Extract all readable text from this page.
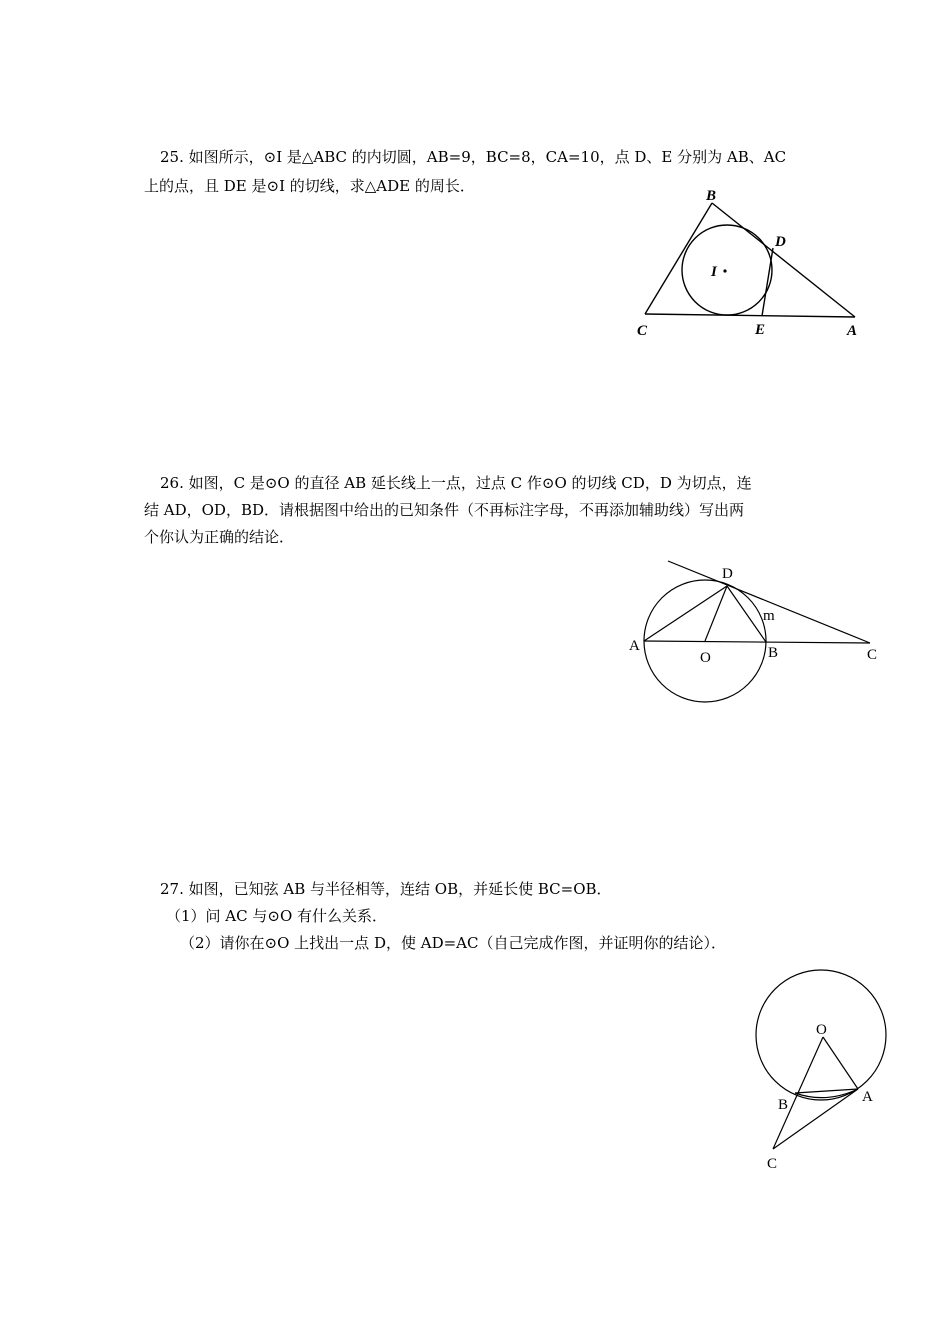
25. 如图所示，⊙I 是△ABC 的内切圆，AB=9，BC=8，CA=10，点 D、E 分别为 AB、AC
上的点，且 DE 是⊙I 的切线，求△ADE 的周长．
B
D
I
C	E	A
26. 如图，C 是⊙O 的直径 AB 延长线上一点，过点 C 作⊙O 的切线 CD，D 为切点，连
结 AD，OD，BD．请根据图中给出的已知条件（不再标注字母，不再添加辅助线）写出两
个你认为正确的结论．
D
m
A
O	B	C
27. 如图，已知弦 AB 与半径相等，连结 OB，并延长使 BC=OB．
（1）问 AC 与⊙O 有什么关系．
（2）请你在⊙O 上找出一点 D，使 AD=AC（自己完成作图，并证明你的结论）．
O
B	A
C
